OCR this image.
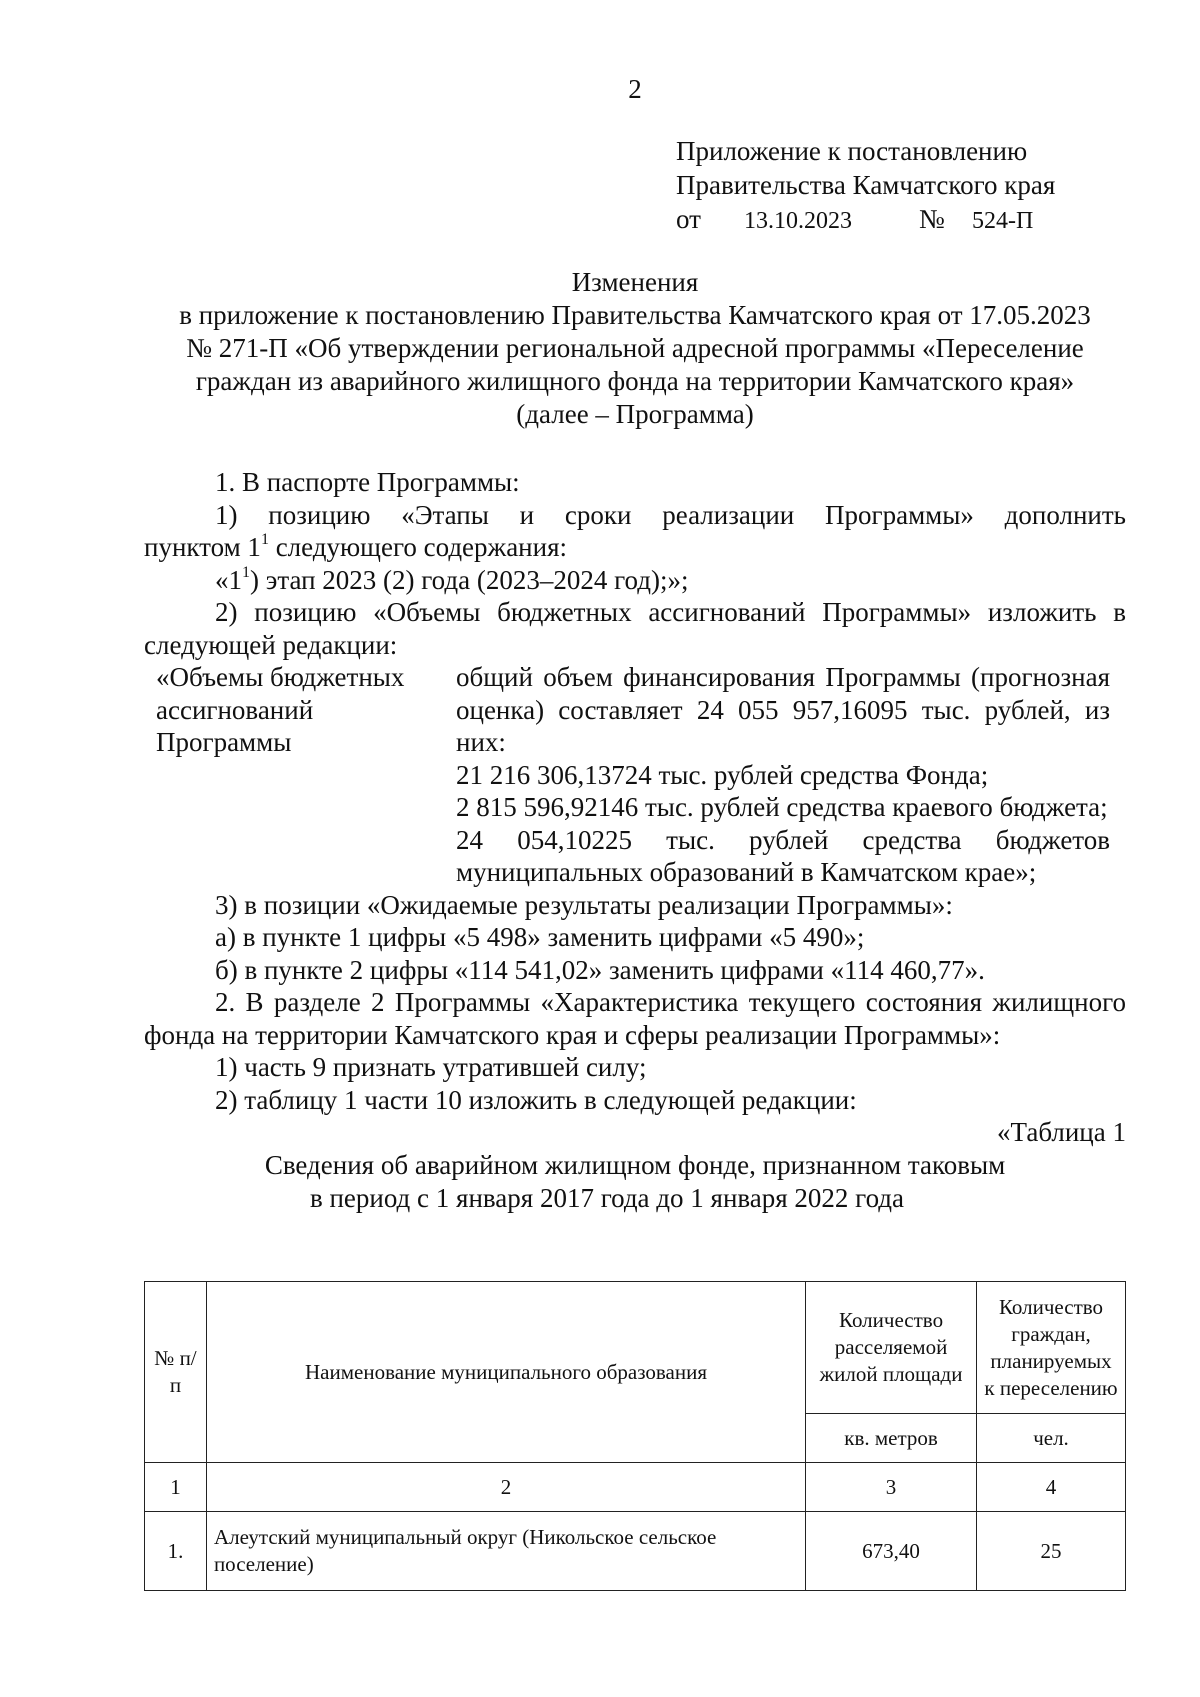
2
Приложение к постановлению
Правительства Камчатского края
от 13.10.2023 № 524-П
Изменения
в приложение к постановлению Правительства Камчатского края от 17.05.2023
№ 271-П «Об утверждении региональной адресной программы «Переселение
граждан из аварийного жилищного фонда на территории Камчатского края»
(далее – Программа)

1. В паспорте Программы:

1) позицию «Этапы и сроки реализации Программы» дополнить

пунктом $1^1$ следующего содержания:

«$1^1$) этап 2023 (2) года (2023–2024 год);»;

2) позицию «Объемы бюджетных ассигнований Программы» изложить в следующей редакции:

«Объемы бюджетных
ассигнований
Программы

общий объем финансирования Программы (прогнозная оценка) составляет 24 055 957,16095 тыс. рублей, из них:

21 216 306,13724 тыс. рублей средства Фонда;

2 815 596,92146 тыс. рублей средства краевого бюджета;

24 054,10225 тыс. рублей средства бюджетов муниципальных образований в Камчатском крае»;

3) в позиции «Ожидаемые результаты реализации Программы»:

а) в пункте 1 цифры «5 498» заменить цифрами «5 490»;

б) в пункте 2 цифры «114 541,02» заменить цифрами «114 460,77».

2. В разделе 2 Программы «Характеристика текущего состояния жилищного фонда на территории Камчатского края и сферы реализации Программы»:

1) часть 9 признать утратившей силу;

2) таблицу 1 части 10 изложить в следующей редакции:

«Таблица 1

Сведения об аварийном жилищном фонде, признанном таковым
в период с 1 января 2017 года до 1 января 2022 года

№ п/п	Наименование муниципального образования	Количество расселяемой жилой площади	Количество граждан, планируемых к переселению
		кв. метров	чел.
1	2	3	4
1.	Алеутский муниципальный округ (Никольское сельское поселение)	673,40	25
